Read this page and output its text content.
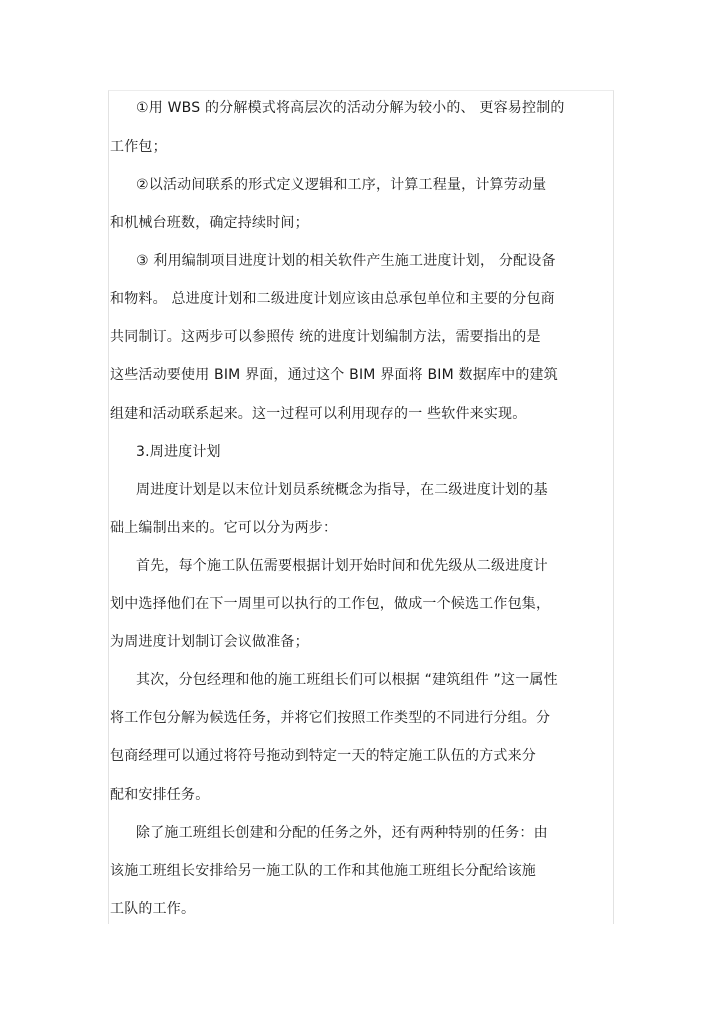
①用 WBS 的分解模式将高层次的活动分解为较小的、 更容易控制的
工作包；
②以活动间联系的形式定义逻辑和工序，计算工程量，计算劳动量
和机械台班数，确定持续时间；
③ 利用编制项目进度计划的相关软件产生施工进度计划， 分配设备
和物料。 总进度计划和二级进度计划应该由总承包单位和主要的分包商
共同制订。这两步可以参照传 统的进度计划编制方法，需要指出的是
这些活动要使用 BIM 界面，通过这个 BIM 界面将 BIM 数据库中的建筑
组建和活动联系起来。这一过程可以利用现存的一 些软件来实现。
3.周进度计划
周进度计划是以末位计划员系统概念为指导，在二级进度计划的基
础上编制出来的。它可以分为两步：
首先，每个施工队伍需要根据计划开始时间和优先级从二级进度计
划中选择他们在下一周里可以执行的工作包，做成一个候选工作包集，
为周进度计划制订会议做准备；
其次，分包经理和他的施工班组长们可以根据 “建筑组件 ”这一属性
将工作包分解为候选任务，并将它们按照工作类型的不同进行分组。分
包商经理可以通过将符号拖动到特定一天的特定施工队伍的方式来分
配和安排任务。
除了施工班组长创建和分配的任务之外，还有两种特别的任务：由
该施工班组长安排给另一施工队的工作和其他施工班组长分配给该施
工队的工作。
